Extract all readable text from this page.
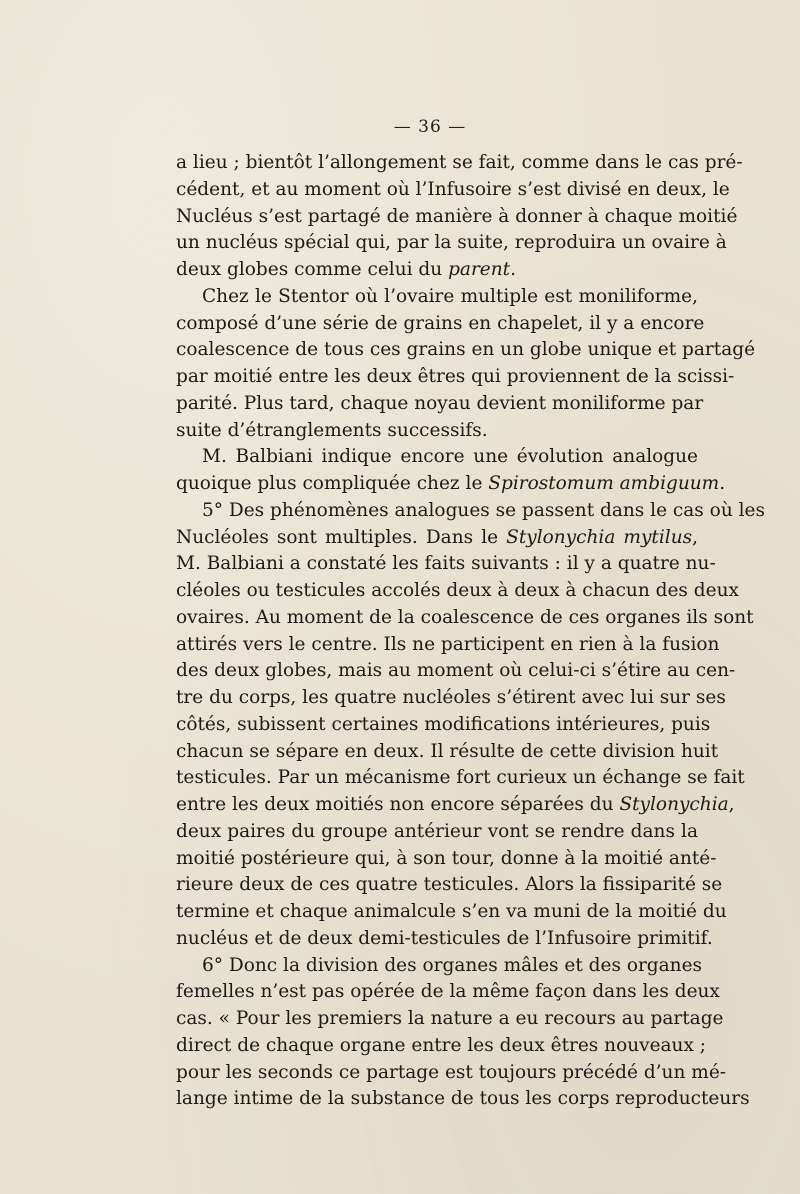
— 36 —
a lieu ; bientôt l’allongement se fait, comme dans le cas pré-
cédent, et au moment où l’Infusoire s’est divisé en deux, le
Nucléus s’est partagé de manière à donner à chaque moitié
un nucléus spécial qui, par la suite, reproduira un ovaire à
deux globes comme celui du parent.
Chez le Stentor où l’ovaire multiple est moniliforme,
composé d’une série de grains en chapelet, il y a encore
coalescence de tous ces grains en un globe unique et partagé
par moitié entre les deux êtres qui proviennent de la scissi-
parité. Plus tard, chaque noyau devient moniliforme par
suite d’étranglements successifs.
M. Balbiani indique encore une évolution analogue
quoique plus compliquée chez le Spirostomum ambiguum.
5° Des phénomènes analogues se passent dans le cas où les
Nucléoles sont multiples. Dans le Stylonychia mytilus,
M. Balbiani a constaté les faits suivants : il y a quatre nu-
cléoles ou testicules accolés deux à deux à chacun des deux
ovaires. Au moment de la coalescence de ces organes ils sont
attirés vers le centre. Ils ne participent en rien à la fusion
des deux globes, mais au moment où celui-ci s’étire au cen-
tre du corps, les quatre nucléoles s’étirent avec lui sur ses
côtés, subissent certaines modifications intérieures, puis
chacun se sépare en deux. Il résulte de cette division huit
testicules. Par un mécanisme fort curieux un échange se fait
entre les deux moitiés non encore séparées du Stylonychia,
deux paires du groupe antérieur vont se rendre dans la
moitié postérieure qui, à son tour, donne à la moitié anté-
rieure deux de ces quatre testicules. Alors la fissiparité se
termine et chaque animalcule s’en va muni de la moitié du
nucléus et de deux demi-testicules de l’Infusoire primitif.
6° Donc la division des organes mâles et des organes
femelles n’est pas opérée de la même façon dans les deux
cas. « Pour les premiers la nature a eu recours au partage
direct de chaque organe entre les deux êtres nouveaux ;
pour les seconds ce partage est toujours précédé d’un mé-
lange intime de la substance de tous les corps reproducteurs
